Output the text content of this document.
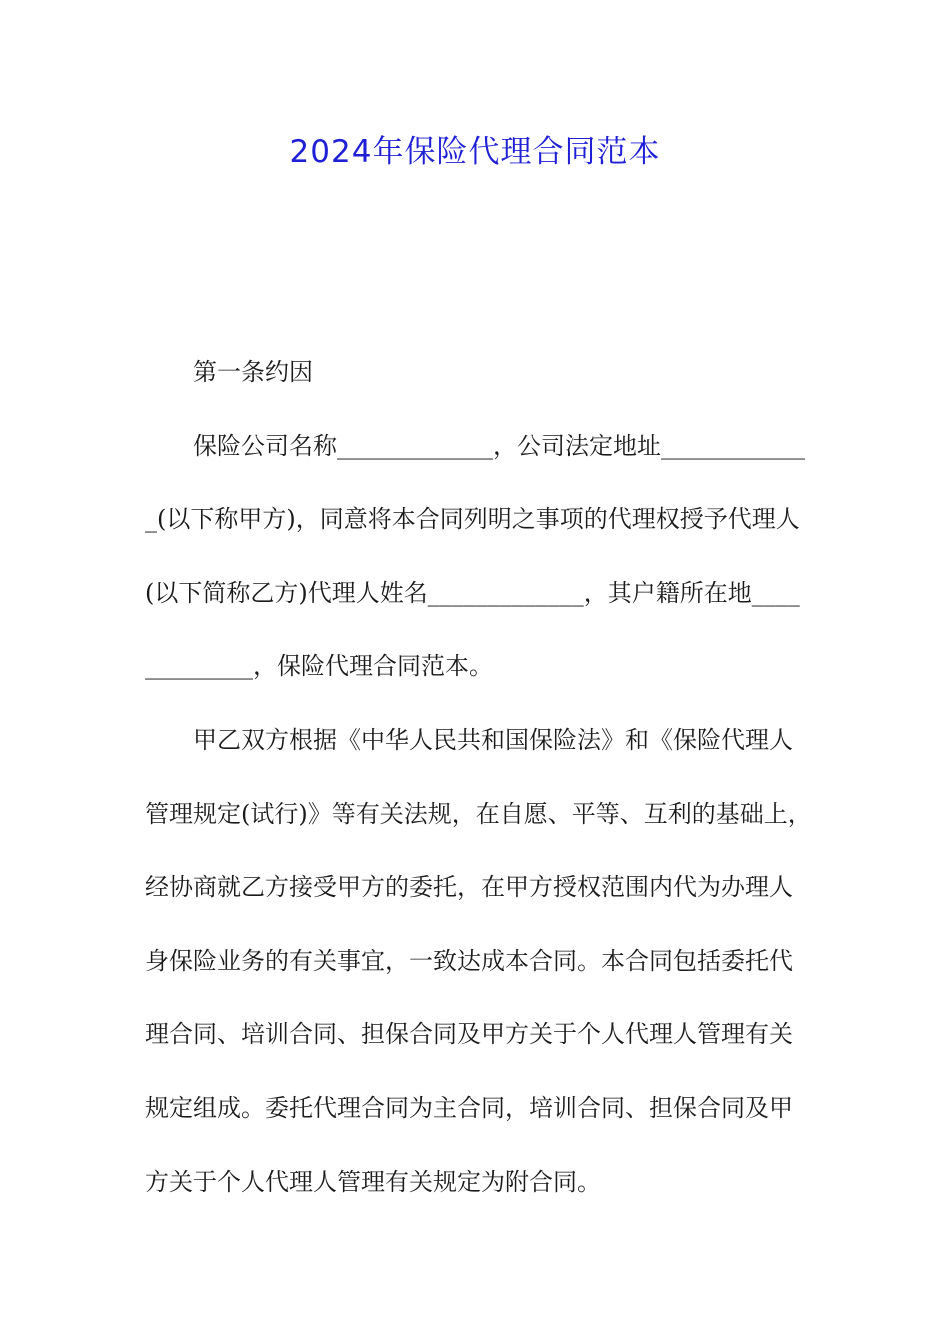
2024年保险代理合同范本
第一条约因
保险公司名称_____________，公司法定地址____________
_(以下称甲方)，同意将本合同列明之事项的代理权授予代理人
(以下简称乙方)代理人姓名_____________，其户籍所在地____
_________，保险代理合同范本。
甲乙双方根据《中华人民共和国保险法》和《保险代理人
管理规定(试行)》等有关法规，在自愿、平等、互利的基础上，
经协商就乙方接受甲方的委托，在甲方授权范围内代为办理人
身保险业务的有关事宜，一致达成本合同。本合同包括委托代
理合同、培训合同、担保合同及甲方关于个人代理人管理有关
规定组成。委托代理合同为主合同，培训合同、担保合同及甲
方关于个人代理人管理有关规定为附合同。
